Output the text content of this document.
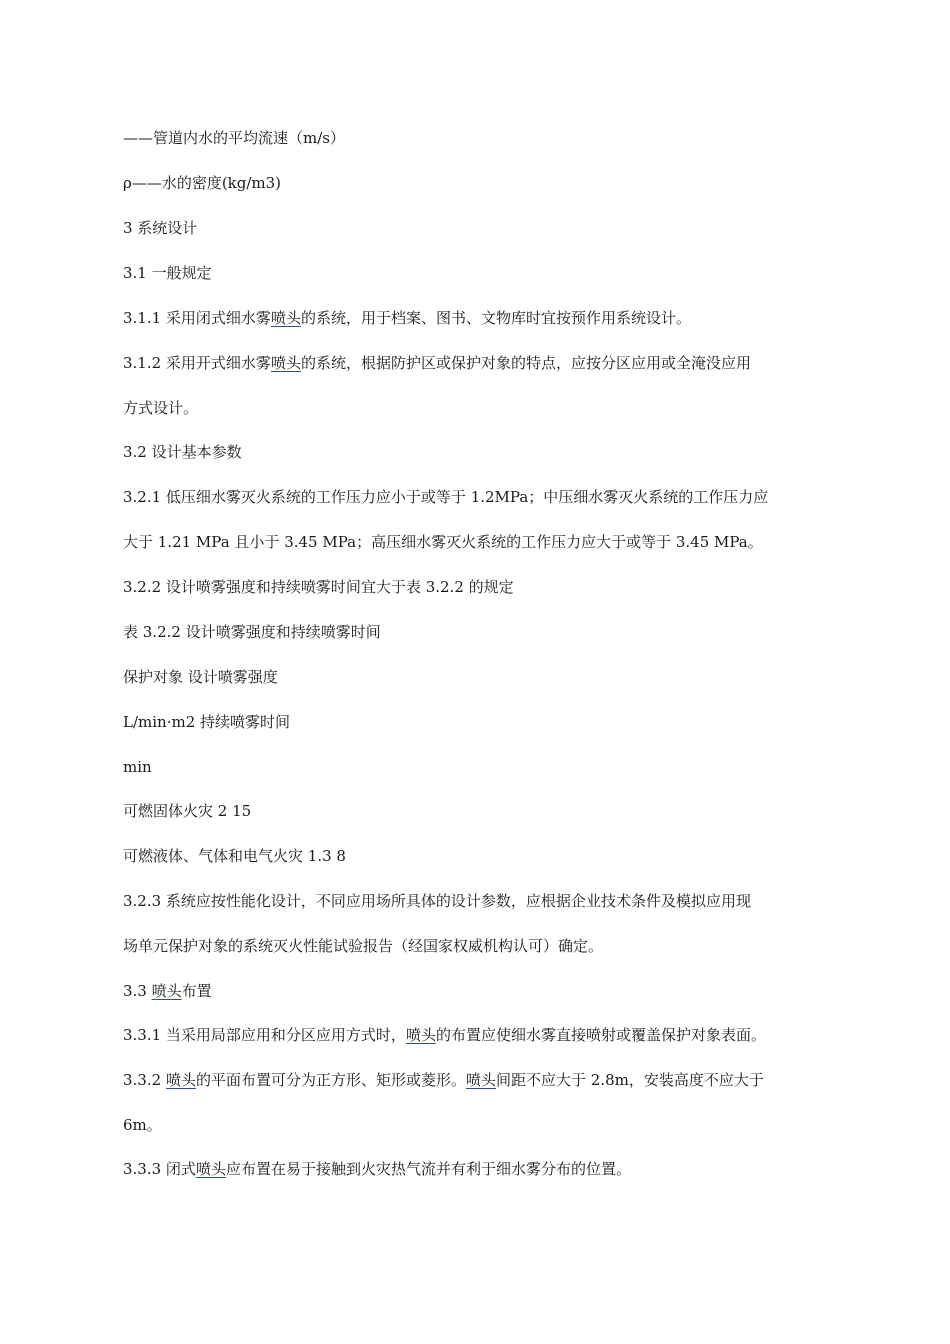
——管道内水的平均流速（m/s）
ρ——水的密度(kg/m3)
3 系统设计
3.1 一般规定
3.1.1 采用闭式细水雾喷头的系统，用于档案、图书、文物库时宜按预作用系统设计。
3.1.2 采用开式细水雾喷头的系统，根据防护区或保护对象的特点，应按分区应用或全淹没应用
方式设计。
3.2 设计基本参数
3.2.1 低压细水雾灭火系统的工作压力应小于或等于 1.2MPa；中压细水雾灭火系统的工作压力应
大于 1.21 MPa 且小于 3.45 MPa；高压细水雾灭火系统的工作压力应大于或等于 3.45 MPa。
3.2.2 设计喷雾强度和持续喷雾时间宜大于表 3.2.2 的规定
表 3.2.2 设计喷雾强度和持续喷雾时间
保护对象 设计喷雾强度
L/min·m2 持续喷雾时间
min
可燃固体火灾 2 15
可燃液体、气体和电气火灾 1.3 8
3.2.3 系统应按性能化设计，不同应用场所具体的设计参数，应根据企业技术条件及模拟应用现
场单元保护对象的系统灭火性能试验报告（经国家权威机构认可）确定。
3.3 喷头布置
3.3.1 当采用局部应用和分区应用方式时，喷头的布置应使细水雾直接喷射或覆盖保护对象表面。
3.3.2 喷头的平面布置可分为正方形、矩形或菱形。喷头间距不应大于 2.8m，安装高度不应大于
6m。
3.3.3 闭式喷头应布置在易于接触到火灾热气流并有利于细水雾分布的位置。
